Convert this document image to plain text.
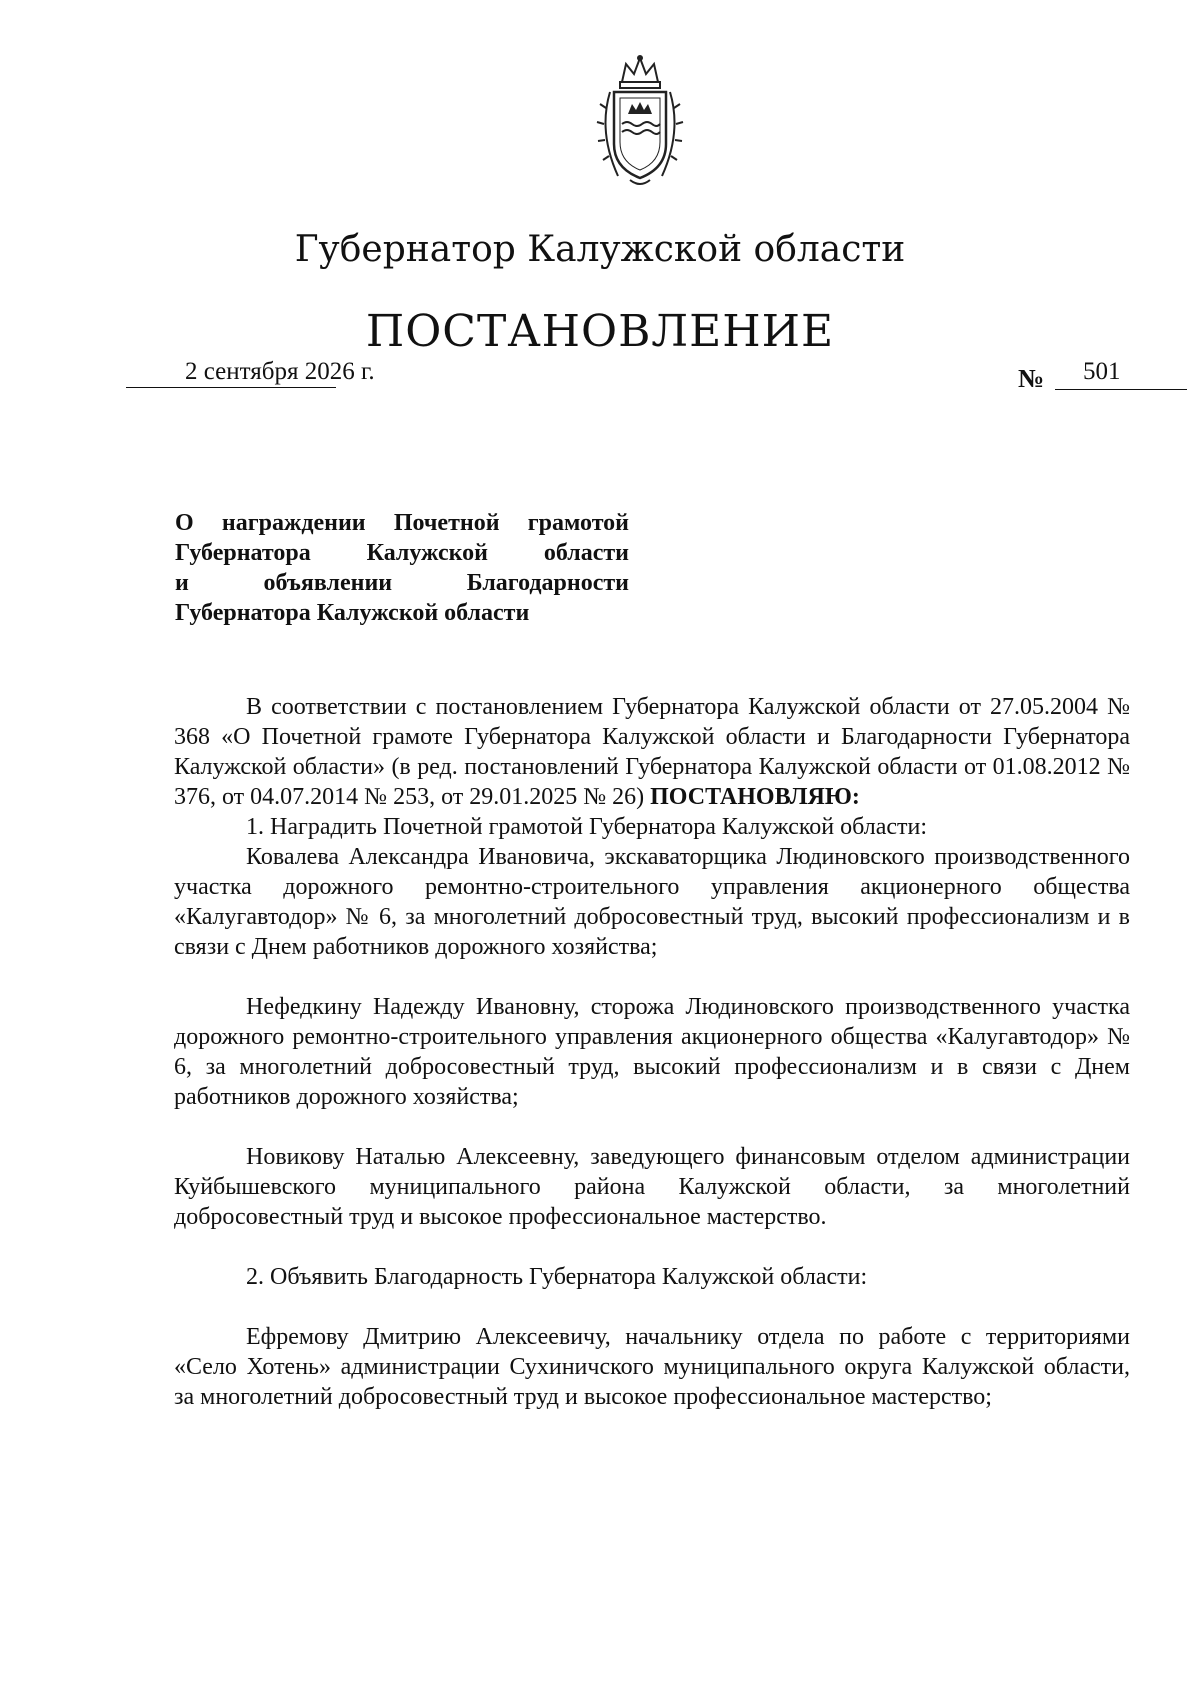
Губернатор Калужской области
ПОСТАНОВЛЕНИЕ
2 сентября 2026 г.	№ 501
О награждении Почетной грамотой
Губернатора Калужской области
и объявлении Благодарности
Губернатора Калужской области

В соответствии с постановлением Губернатора Калужской области от 27.05.2004 № 368 «О Почетной грамоте Губернатора Калужской области и Благодарности Губернатора Калужской области» (в ред. постановлений Губернатора Калужской области от 01.08.2012 № 376, от 04.07.2014 № 253, от 29.01.2025 № 26) ПОСТАНОВЛЯЮ:

1. Наградить Почетной грамотой Губернатора Калужской области:

Ковалева Александра Ивановича, экскаваторщика Людиновского производственного участка дорожного ремонтно-строительного управления акционерного общества «Калугавтодор» № 6, за многолетний добросовестный труд, высокий профессионализм и в связи с Днем работников дорожного хозяйства;

Нефедкину Надежду Ивановну, сторожа Людиновского производственного участка дорожного ремонтно-строительного управления акционерного общества «Калугавтодор» № 6, за многолетний добросовестный труд, высокий профессионализм и в связи с Днем работников дорожного хозяйства;

Новикову Наталью Алексеевну, заведующего финансовым отделом администрации Куйбышевского муниципального района Калужской области, за многолетний добросовестный труд и высокое профессиональное мастерство.

2. Объявить Благодарность Губернатора Калужской области:

Ефремову Дмитрию Алексеевичу, начальнику отдела по работе с территориями «Село Хотень» администрации Сухиничского муниципального округа Калужской области, за многолетний добросовестный труд и высокое профессиональное мастерство;
